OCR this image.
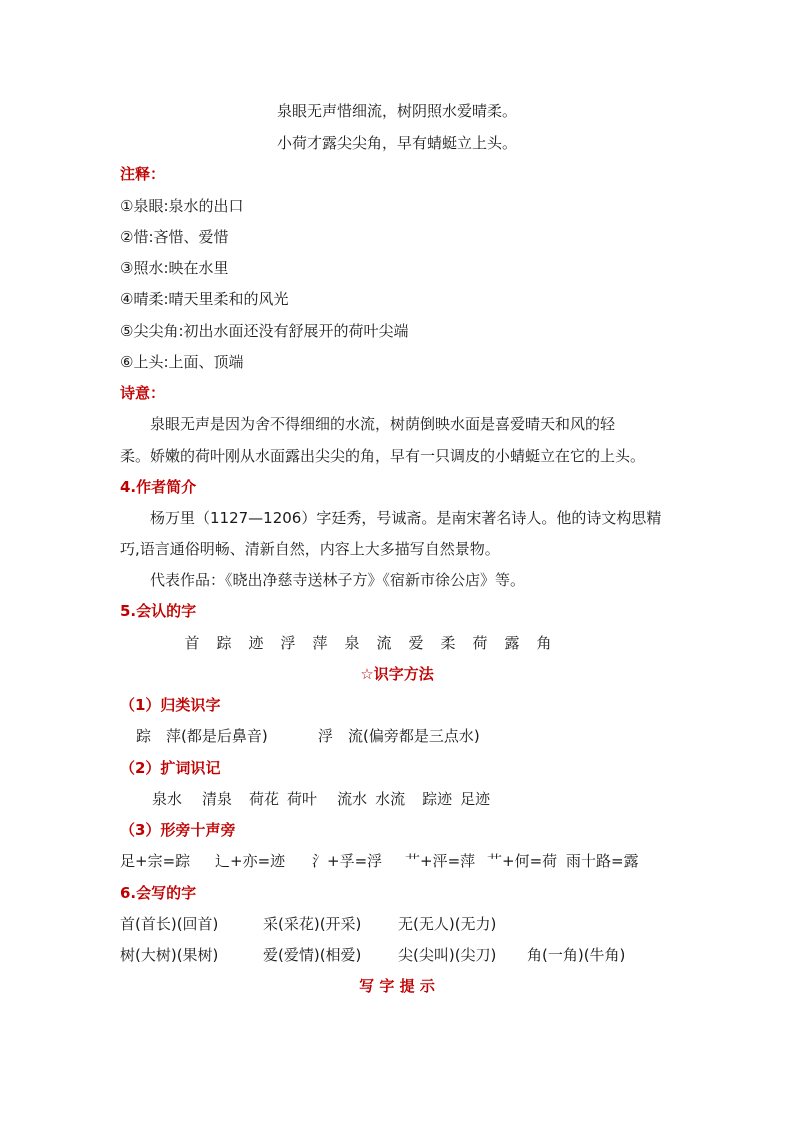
泉眼无声惜细流，树阴照水爱晴柔。
小荷才露尖尖角，早有蜻蜓立上头。
注释：
①泉眼:泉水的出口
②惜:吝惜、爱惜
③照水:映在水里
④晴柔:晴天里柔和的风光
⑤尖尖角:初出水面还没有舒展开的荷叶尖端
⑥上头:上面、顶端
诗意：
泉眼无声是因为舍不得细细的水流，树荫倒映水面是喜爱晴天和风的轻
柔。娇嫩的荷叶刚从水面露出尖尖的角，早有一只调皮的小蜻蜓立在它的上头。
4.作者简介
杨万里（1127—1206）字廷秀，号诚斋。是南宋著名诗人。他的诗文构思精
巧,语言通俗明畅、清新自然，内容上大多描写自然景物。
代表作品：《晓出净慈寺送林子方》《宿新市徐公店》等。
5.会认的字
首 踪 迹 浮 萍 泉 流 爱 柔 荷 露 角
☆识字方法
（1）归类识字
踪　萍(都是后鼻音)	浮　流(偏旁都是三点水)
（2）扩词识记
泉水 清泉 荷花 荷叶 流水 水流 踪迹 足迹
（3）形旁十声旁
足+宗=踪 辶+亦=迹 氵+孚=浮 艹+泙=萍 艹+何=荷 雨十路=露
6.会写的字
首(首长)(回首)	采(采花)(开采) 无(无人)(无力)
树(大树)(果树)	爱(爱情)(相爱) 尖(尖叫)(尖刀) 角(一角)(牛角)
写 字 提 示
